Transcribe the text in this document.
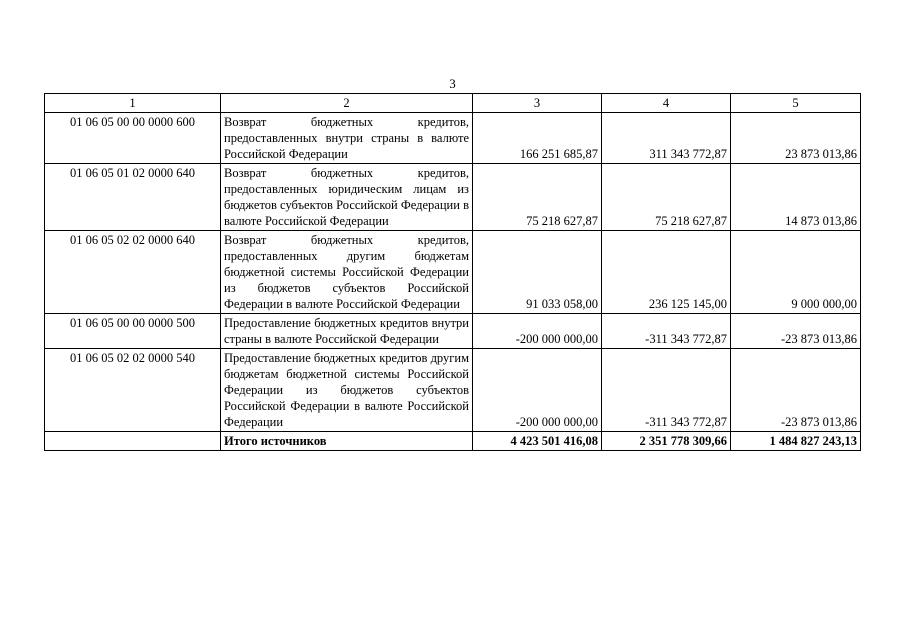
3
1	2	3	4	5
01 06 05 00 00 0000 600	Возврат бюджетных кредитов, предоставленных внутри страны в валюте Российской Федерации	166 251 685,87	311 343 772,87	23 873 013,86
01 06 05 01 02 0000 640	Возврат бюджетных кредитов, предоставленных юридическим лицам из бюджетов субъектов Российской Федерации в валюте Российской Федерации	75 218 627,87	75 218 627,87	14 873 013,86
01 06 05 02 02 0000 640	Возврат бюджетных кредитов, предоставленных другим бюджетам бюджетной системы Российской Федерации из бюджетов субъектов Российской Федерации в валюте Российской Федерации	91 033 058,00	236 125 145,00	9 000 000,00
01 06 05 00 00 0000 500	Предоставление бюджетных кредитов внутри страны в валюте Российской Федерации	-200 000 000,00	-311 343 772,87	-23 873 013,86
01 06 05 02 02 0000 540	Предоставление бюджетных кредитов другим бюджетам бюджетной системы Российской Федерации из бюджетов субъектов Российской Федерации в валюте Российской Федерации	-200 000 000,00	-311 343 772,87	-23 873 013,86
	Итого источников	4 423 501 416,08	2 351 778 309,66	1 484 827 243,13
